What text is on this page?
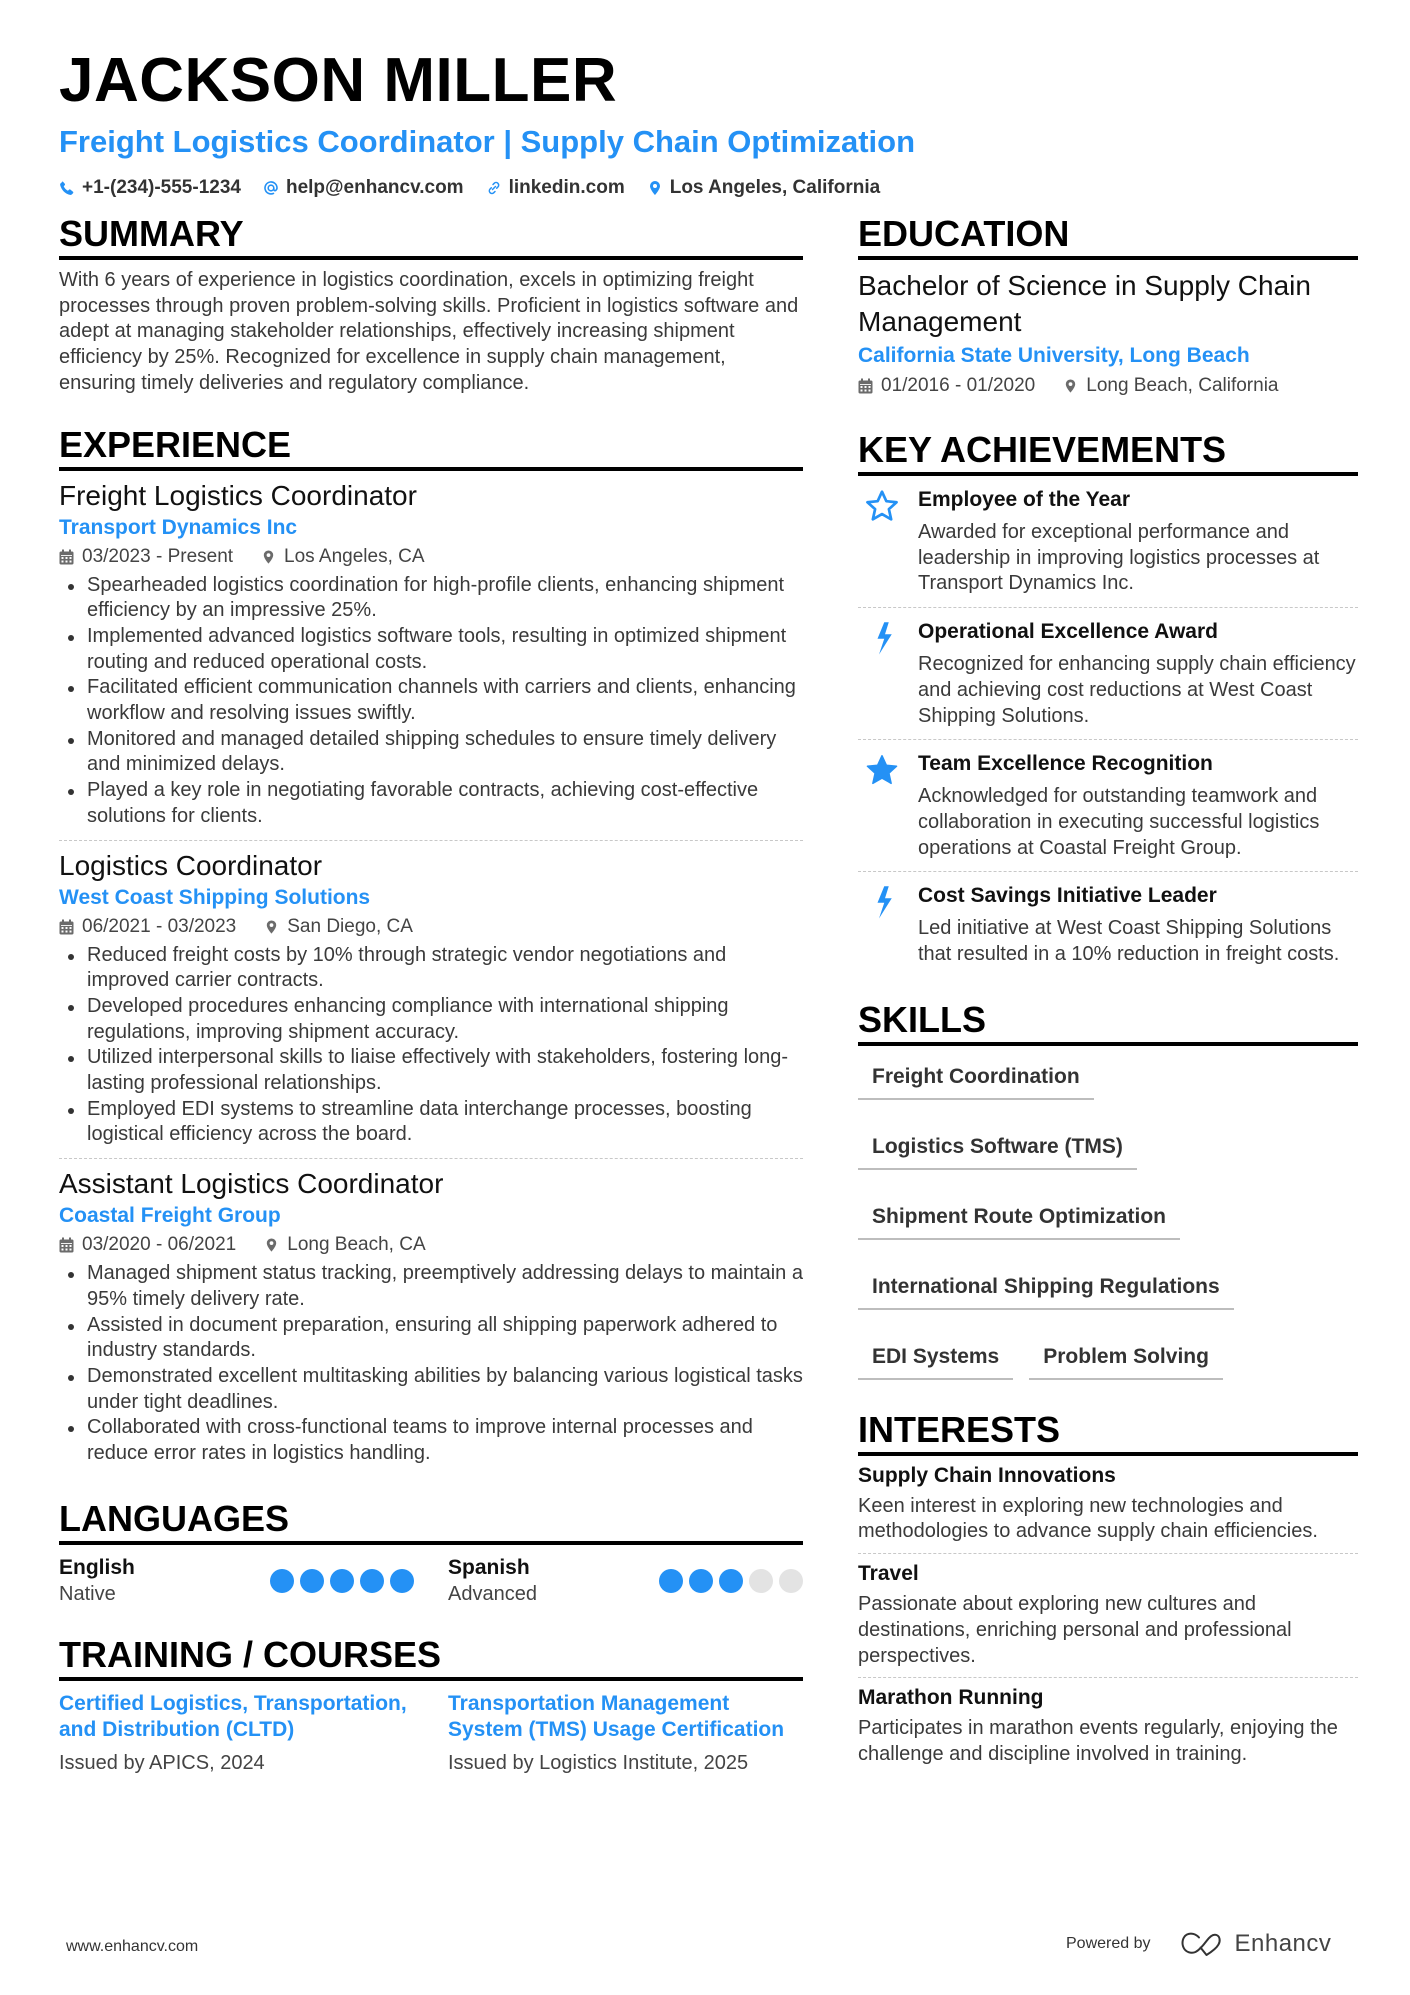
JACKSON MILLER
Freight Logistics Coordinator | Supply Chain Optimization
+1-(234)-555-1234 help@enhancv.com linkedin.com Los Angeles, California
SUMMARY
With 6 years of experience in logistics coordination, excels in optimizing freight processes through proven problem-solving skills. Proficient in logistics software and adept at managing stakeholder relationships, effectively increasing shipment efficiency by 25%. Recognized for excellence in supply chain management, ensuring timely deliveries and regulatory compliance.
EXPERIENCE
Freight Logistics Coordinator
Transport Dynamics Inc
03/2023 - Present	Los Angeles, CA
Spearheaded logistics coordination for high-profile clients, enhancing shipment efficiency by an impressive 25%.
Implemented advanced logistics software tools, resulting in optimized shipment routing and reduced operational costs.
Facilitated efficient communication channels with carriers and clients, enhancing workflow and resolving issues swiftly.
Monitored and managed detailed shipping schedules to ensure timely delivery and minimized delays.
Played a key role in negotiating favorable contracts, achieving cost-effective solutions for clients.
Logistics Coordinator
West Coast Shipping Solutions
06/2021 - 03/2023	San Diego, CA
Reduced freight costs by 10% through strategic vendor negotiations and improved carrier contracts.
Developed procedures enhancing compliance with international shipping regulations, improving shipment accuracy.
Utilized interpersonal skills to liaise effectively with stakeholders, fostering long-lasting professional relationships.
Employed EDI systems to streamline data interchange processes, boosting logistical efficiency across the board.
Assistant Logistics Coordinator
Coastal Freight Group
03/2020 - 06/2021	Long Beach, CA
Managed shipment status tracking, preemptively addressing delays to maintain a 95% timely delivery rate.
Assisted in document preparation, ensuring all shipping paperwork adhered to industry standards.
Demonstrated excellent multitasking abilities by balancing various logistical tasks under tight deadlines.
Collaborated with cross-functional teams to improve internal processes and reduce error rates in logistics handling.
LANGUAGES
English
Native
Spanish
Advanced
TRAINING / COURSES
Certified Logistics, Transportation, and Distribution (CLTD)
Issued by APICS, 2024
Transportation Management System (TMS) Usage Certification
Issued by Logistics Institute, 2025
EDUCATION
Bachelor of Science in Supply Chain Management
California State University, Long Beach
01/2016 - 01/2020	Long Beach, California
KEY ACHIEVEMENTS
Employee of the Year
Awarded for exceptional performance and leadership in improving logistics processes at Transport Dynamics Inc.
Operational Excellence Award
Recognized for enhancing supply chain efficiency and achieving cost reductions at West Coast Shipping Solutions.
Team Excellence Recognition
Acknowledged for outstanding teamwork and collaboration in executing successful logistics operations at Coastal Freight Group.
Cost Savings Initiative Leader
Led initiative at West Coast Shipping Solutions that resulted in a 10% reduction in freight costs.
SKILLS
Freight Coordination
Logistics Software (TMS)
Shipment Route Optimization
International Shipping Regulations
EDI Systems	Problem Solving
INTERESTS
Supply Chain Innovations
Keen interest in exploring new technologies and methodologies to advance supply chain efficiencies.
Travel
Passionate about exploring new cultures and destinations, enriching personal and professional perspectives.
Marathon Running
Participates in marathon events regularly, enjoying the challenge and discipline involved in training.
www.enhancv.com	Powered by	Enhancv
